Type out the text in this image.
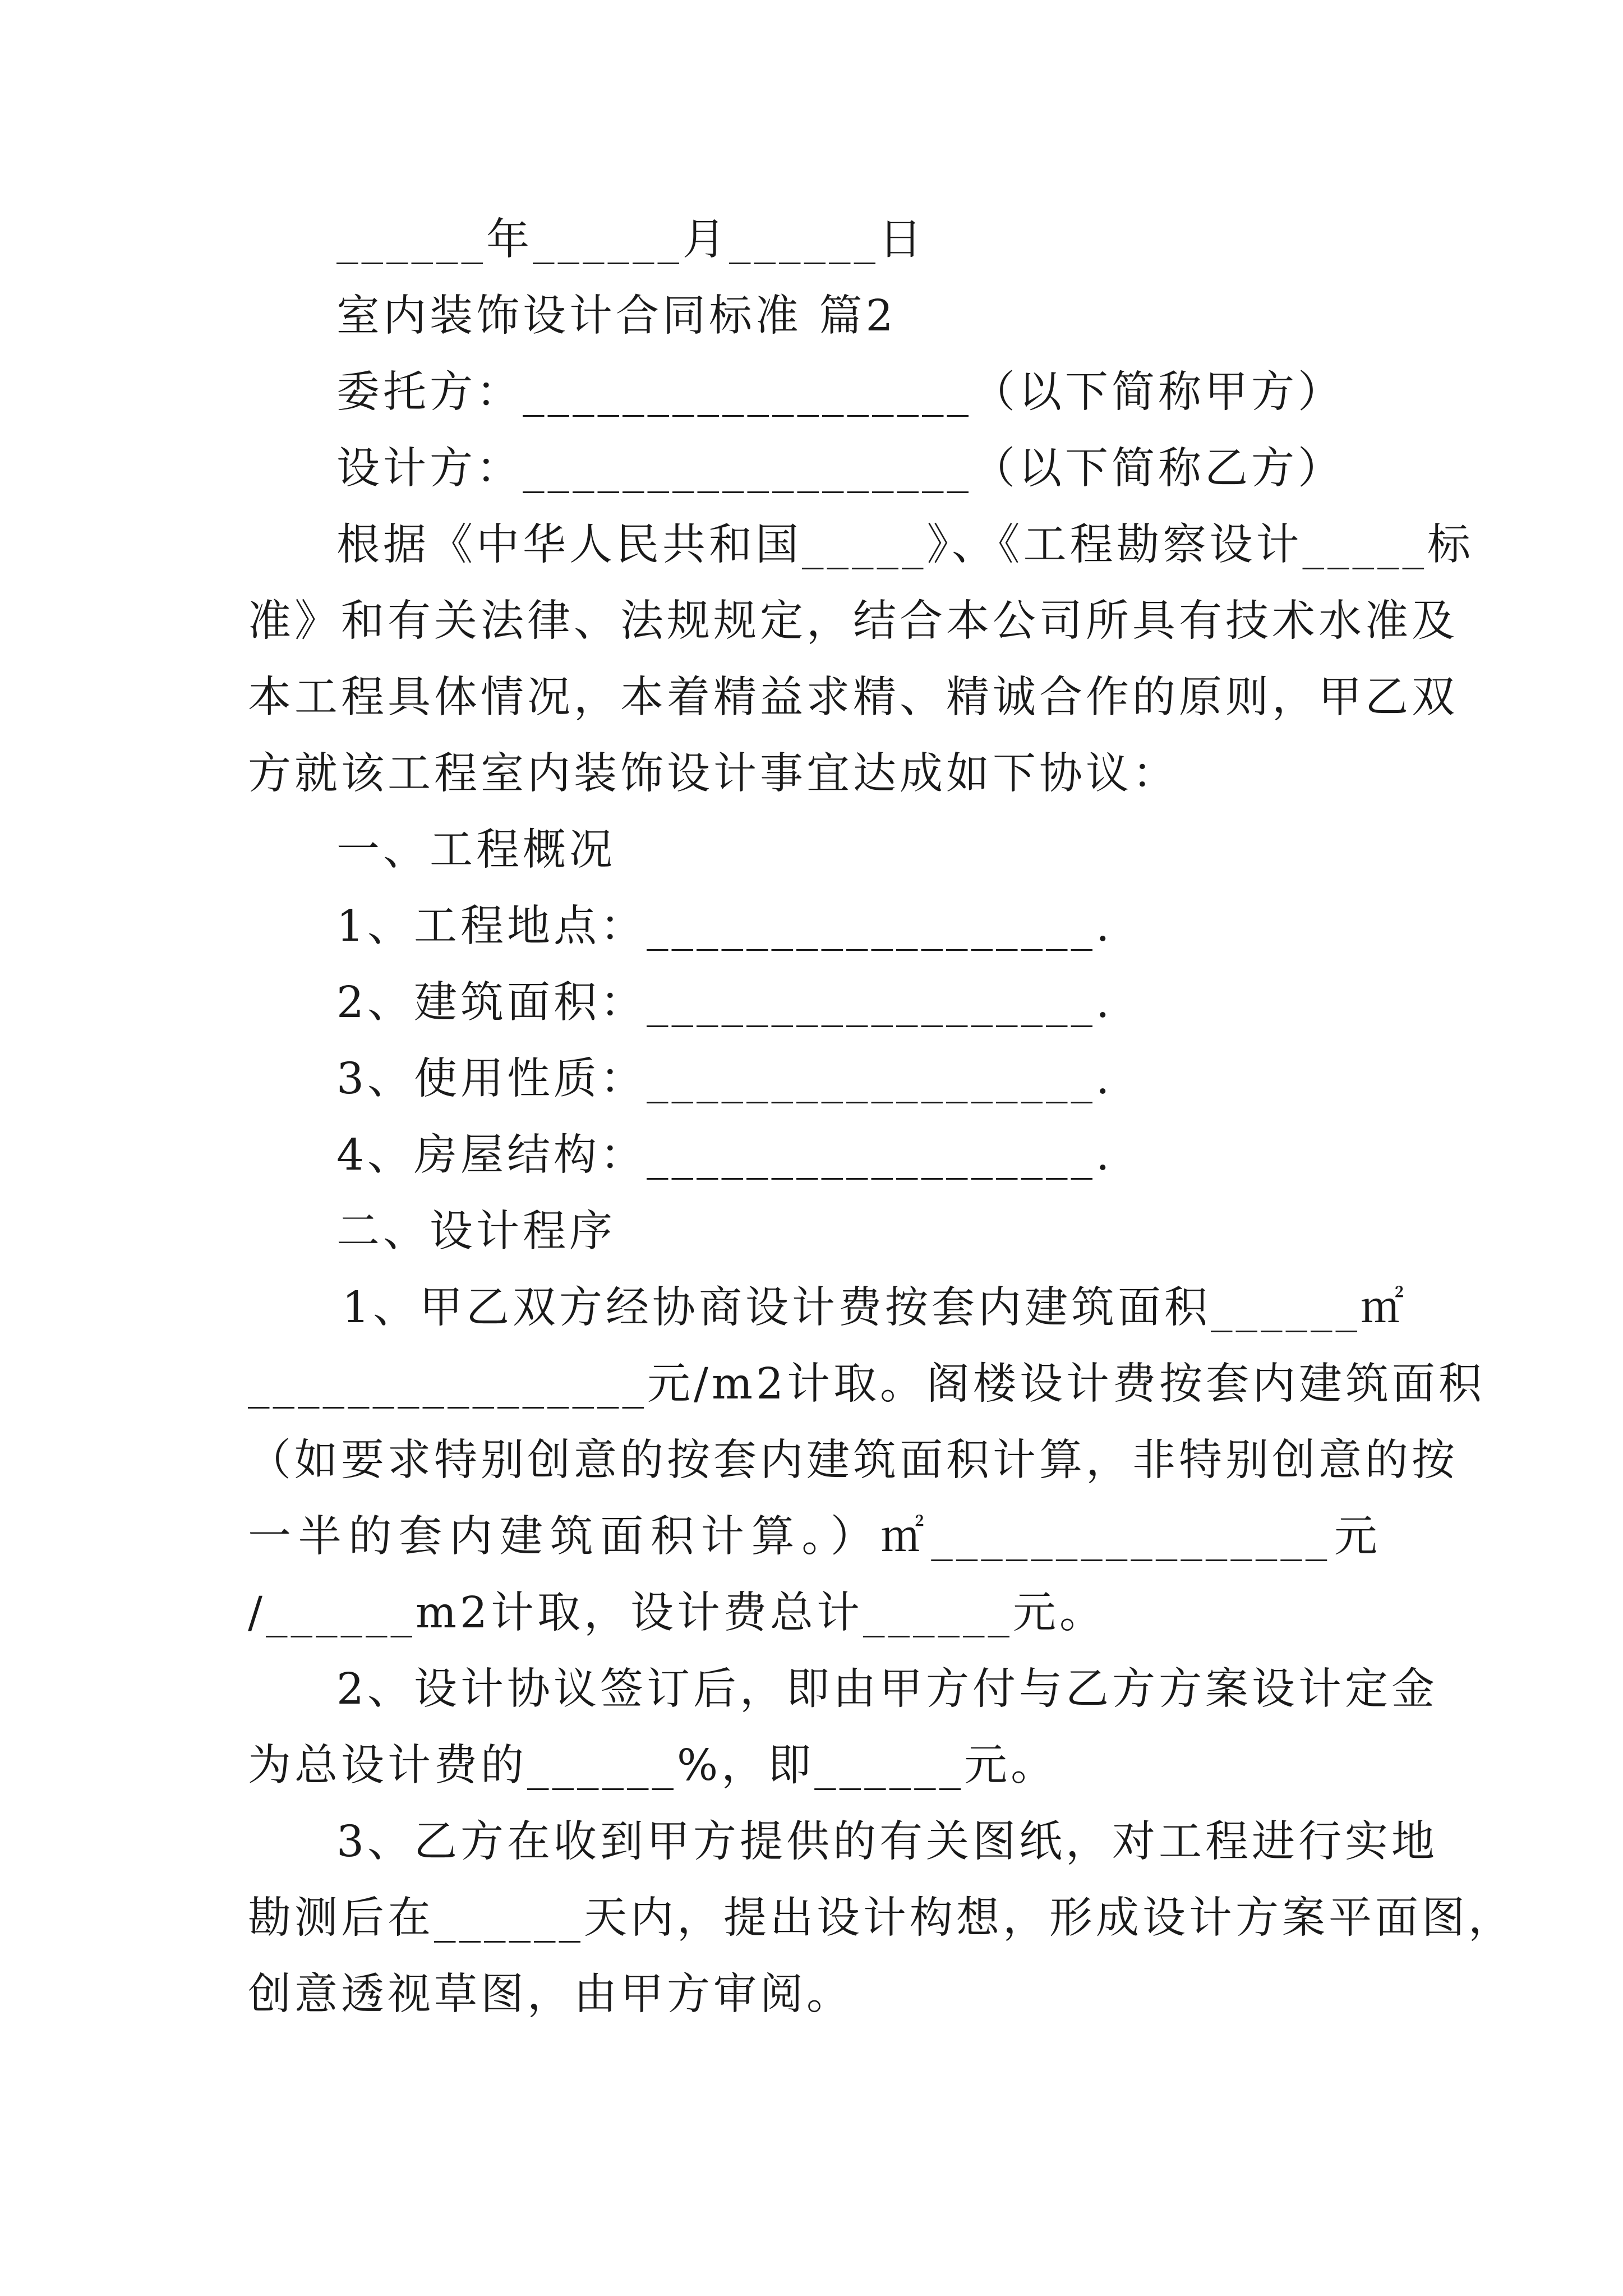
______年______月______日
室内装饰设计合同标准 篇2
委托方：__________________（以下简称甲方）
设计方：__________________（以下简称乙方）
根据《中华人民共和国_____》、《工程勘察设计_____标
准》和有关法律、法规规定，结合本公司所具有技术水准及
本工程具体情况，本着精益求精、精诚合作的原则，甲乙双
方就该工程室内装饰设计事宜达成如下协议：
一、工程概况
1、工程地点：__________________.
2、建筑面积：__________________.
3、使用性质：__________________.
4、房屋结构：__________________.
二、设计程序
1、甲乙双方经协商设计费按套内建筑面积______㎡
________________元/m2计取。阁楼设计费按套内建筑面积
（如要求特别创意的按套内建筑面积计算，非特别创意的按
一半的套内建筑面积计算。）㎡________________元
/______m2计取，设计费总计______元。
2、设计协议签订后，即由甲方付与乙方方案设计定金
为总设计费的______%，即______元。
3、乙方在收到甲方提供的有关图纸，对工程进行实地
勘测后在______天内，提出设计构想，形成设计方案平面图，
创意透视草图，由甲方审阅。
